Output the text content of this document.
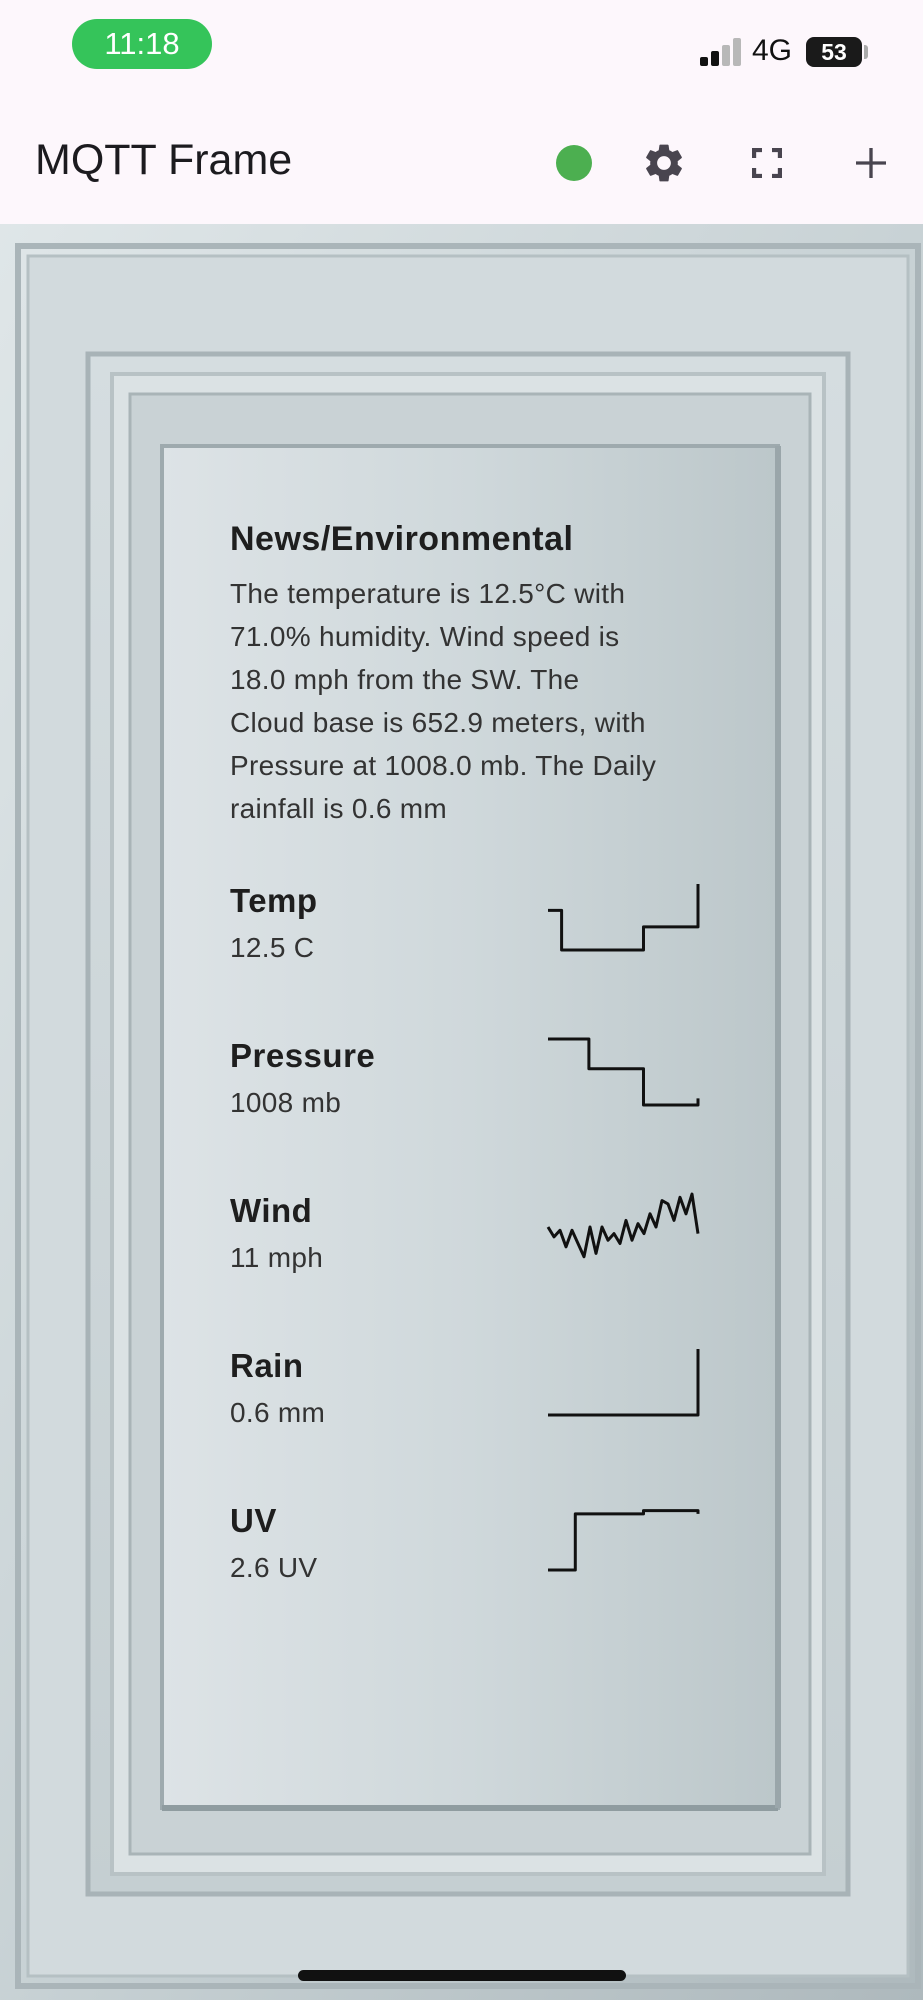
11:18	4G	53
MQTT Frame
News/Environmental
The temperature is 12.5°C with
71.0% humidity. Wind speed is
18.0 mph from the SW. The
Cloud base is 652.9 meters, with
Pressure at 1008.0 mb. The Daily
rainfall is 0.6 mm
Temp
12.5 C
Pressure
1008 mb
Wind
11 mph
Rain
0.6 mm
UV
2.6 UV
